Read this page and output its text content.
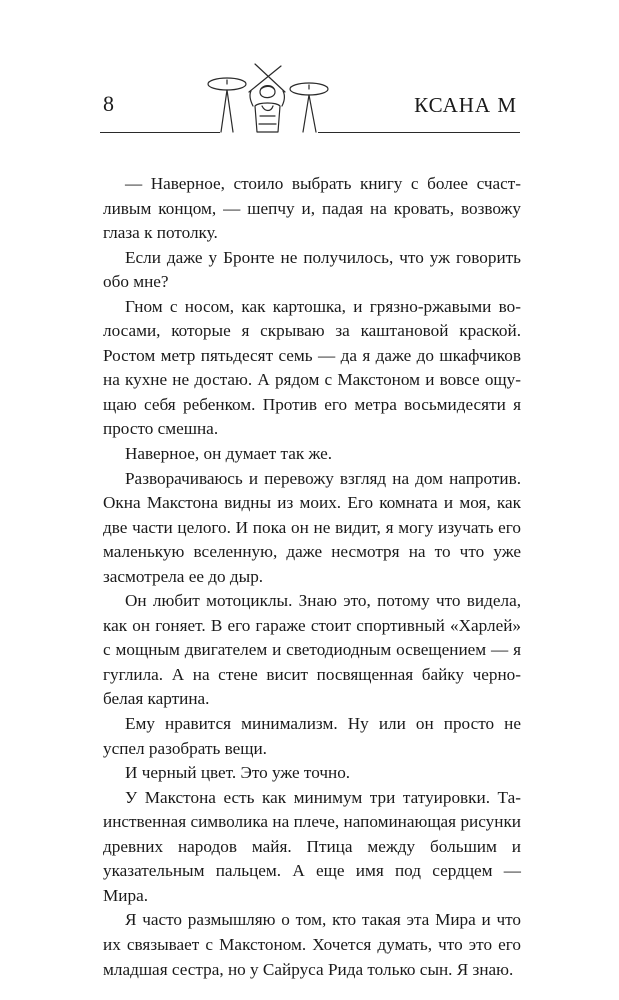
8	КСАНА М

— Наверное, стоило выбрать книгу с более счастливым концом, — шепчу и, падая на кровать, возвожу глаза к потолку.

Если даже у Бронте не получилось, что уж говорить обо мне?

Гном с носом, как картошка, и грязно-ржавыми волосами, которые я скрываю за каштановой краской. Ростом метр пятьдесят семь — да я даже до шкафчиков на кухне не достаю. А рядом с Макстоном и вовсе ощущаю себя ребенком. Против его метра восьмидесяти я просто смешна.

Наверное, он думает так же.

Разворачиваюсь и перевожу взгляд на дом напротив. Окна Макстона видны из моих. Его комната и моя, как две части целого. И пока он не видит, я могу изучать его маленькую вселенную, даже несмотря на то что уже засмотрела ее до дыр.

Он любит мотоциклы. Знаю это, потому что видела, как он гоняет. В его гараже стоит спортивный «Харлей» с мощным двигателем и светодиодным освещением — я гуглила. А на стене висит посвященная байку черно-белая картина.

Ему нравится минимализм. Ну или он просто не успел разобрать вещи.

И черный цвет. Это уже точно.

У Макстона есть как минимум три татуировки. Таинственная символика на плече, напоминающая рисунки древних народов майя. Птица между большим и указательным пальцем. А еще имя под сердцем — Мира.

Я часто размышляю о том, кто такая эта Мира и что их связывает с Макстоном. Хочется думать, что это его младшая сестра, но у Сайруса Рида только сын. Я знаю.
